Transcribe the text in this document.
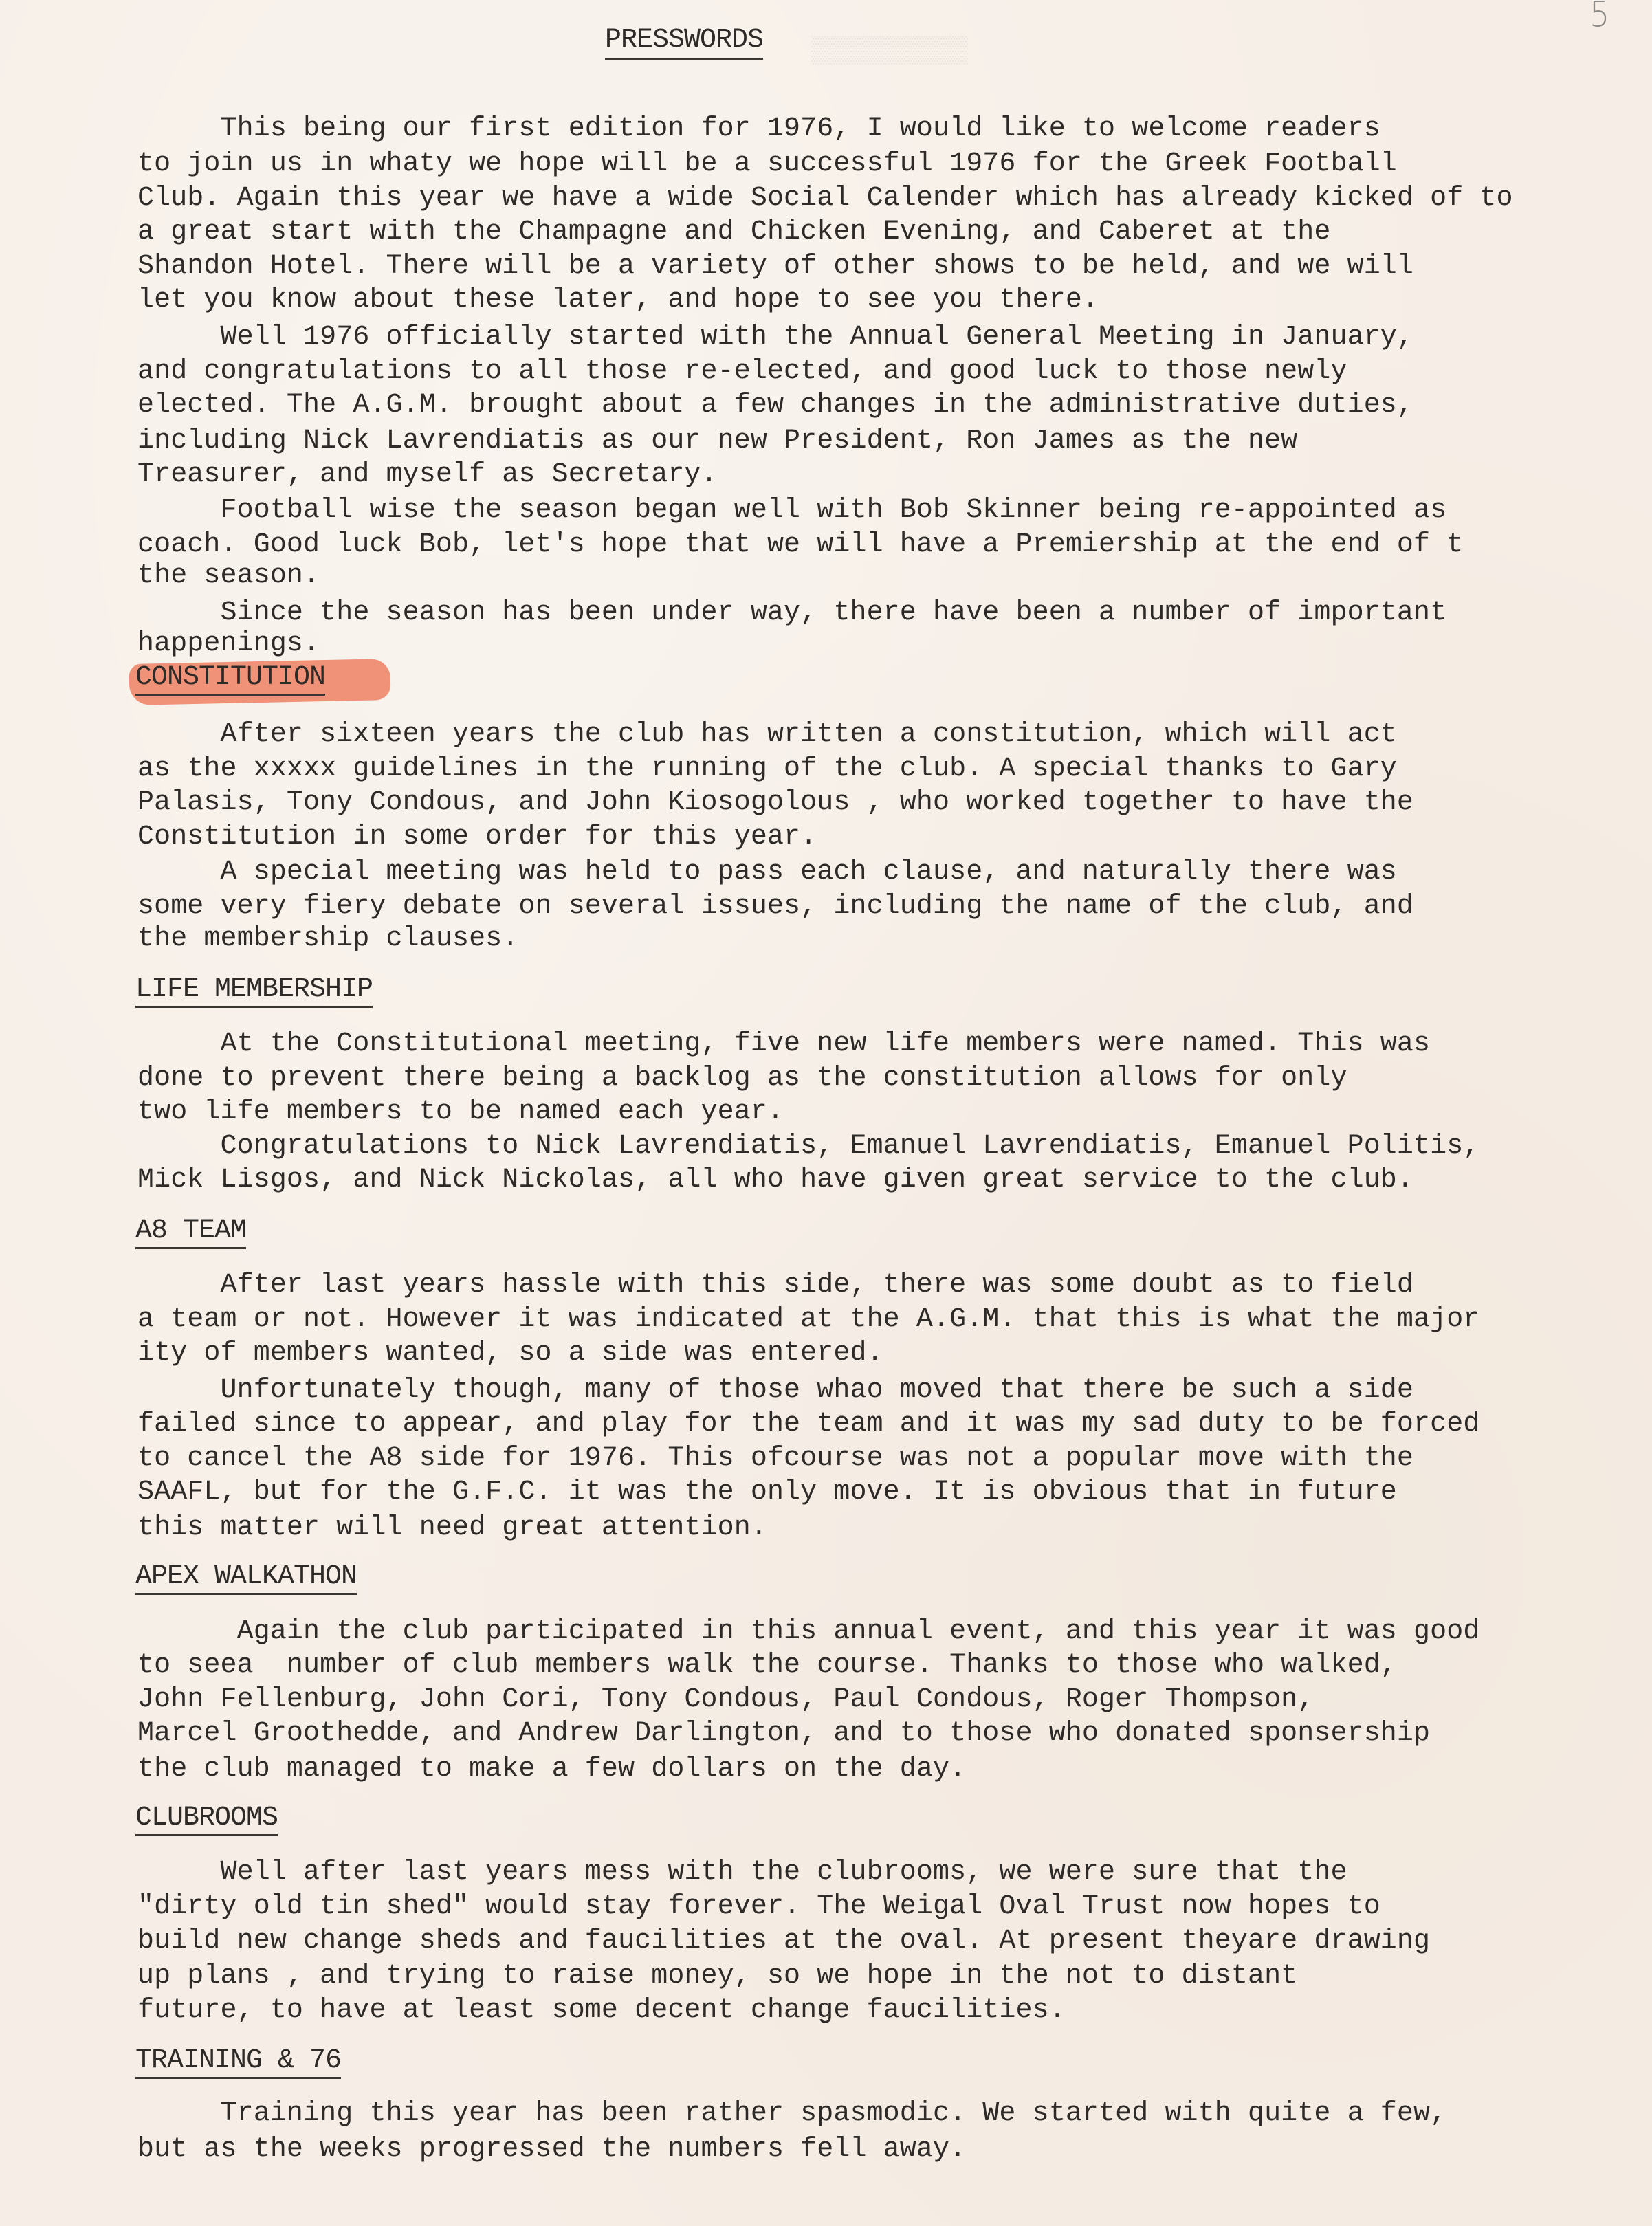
▒▒▒▒▒▒▒▒▒▒
5
PRESSWORDS
This being our first edition for 1976, I would like to welcome readers
to join us in whaty we hope will be a successful 1976 for the Greek Football
Club. Again this year we have a wide Social Calender which has already kicked of to
a great start with the Champagne and Chicken Evening, and Caberet at the
Shandon Hotel. There will be a variety of other shows to be held, and we will
let you know about these later, and hope to see you there.
Well 1976 officially started with the Annual General Meeting in January,
and congratulations to all those re-elected, and good luck to those newly
elected. The A.G.M. brought about a few changes in the administrative duties,
including Nick Lavrendiatis as our new President, Ron James as the new
Treasurer, and myself as Secretary.
Football wise the season began well with Bob Skinner being re-appointed as
coach. Good luck Bob, let's hope that we will have a Premiership at the end of t
the season.
Since the season has been under way, there have been a number of important
happenings.
CONSTITUTION
After sixteen years the club has written a constitution, which will act
as the xxxxx guidelines in the running of the club. A special thanks to Gary
Palasis, Tony Condous, and John Kiosogolous , who worked together to have the
Constitution in some order for this year.
A special meeting was held to pass each clause, and naturally there was
some very fiery debate on several issues, including the name of the club, and
the membership clauses.
LIFE MEMBERSHIP
At the Constitutional meeting, five new life members were named. This was
done to prevent there being a backlog as the constitution allows for only
two life members to be named each year.
Congratulations to Nick Lavrendiatis, Emanuel Lavrendiatis, Emanuel Politis,
Mick Lisgos, and Nick Nickolas, all who have given great service to the club.
A8 TEAM
After last years hassle with this side, there was some doubt as to field
a team or not. However it was indicated at the A.G.M. that this is what the major
ity of members wanted, so a side was entered.
Unfortunately though, many of those whao moved that there be such a side
failed since to appear, and play for the team and it was my sad duty to be forced
to cancel the A8 side for 1976. This ofcourse was not a popular move with the
SAAFL, but for the G.F.C. it was the only move. It is obvious that in future
this matter will need great attention.
APEX WALKATHON
Again the club participated in this annual event, and this year it was good
to seea  number of club members walk the course. Thanks to those who walked,
John Fellenburg, John Cori, Tony Condous, Paul Condous, Roger Thompson,
Marcel Groothedde, and Andrew Darlington, and to those who donated sponsership
the club managed to make a few dollars on the day.
CLUBROOMS
Well after last years mess with the clubrooms, we were sure that the
"dirty old tin shed" would stay forever. The Weigal Oval Trust now hopes to
build new change sheds and faucilities at the oval. At present theyare drawing
up plans , and trying to raise money, so we hope in the not to distant
future, to have at least some decent change faucilities.
TRAINING & 76
Training this year has been rather spasmodic. We started with quite a few,
but as the weeks progressed the numbers fell away.
